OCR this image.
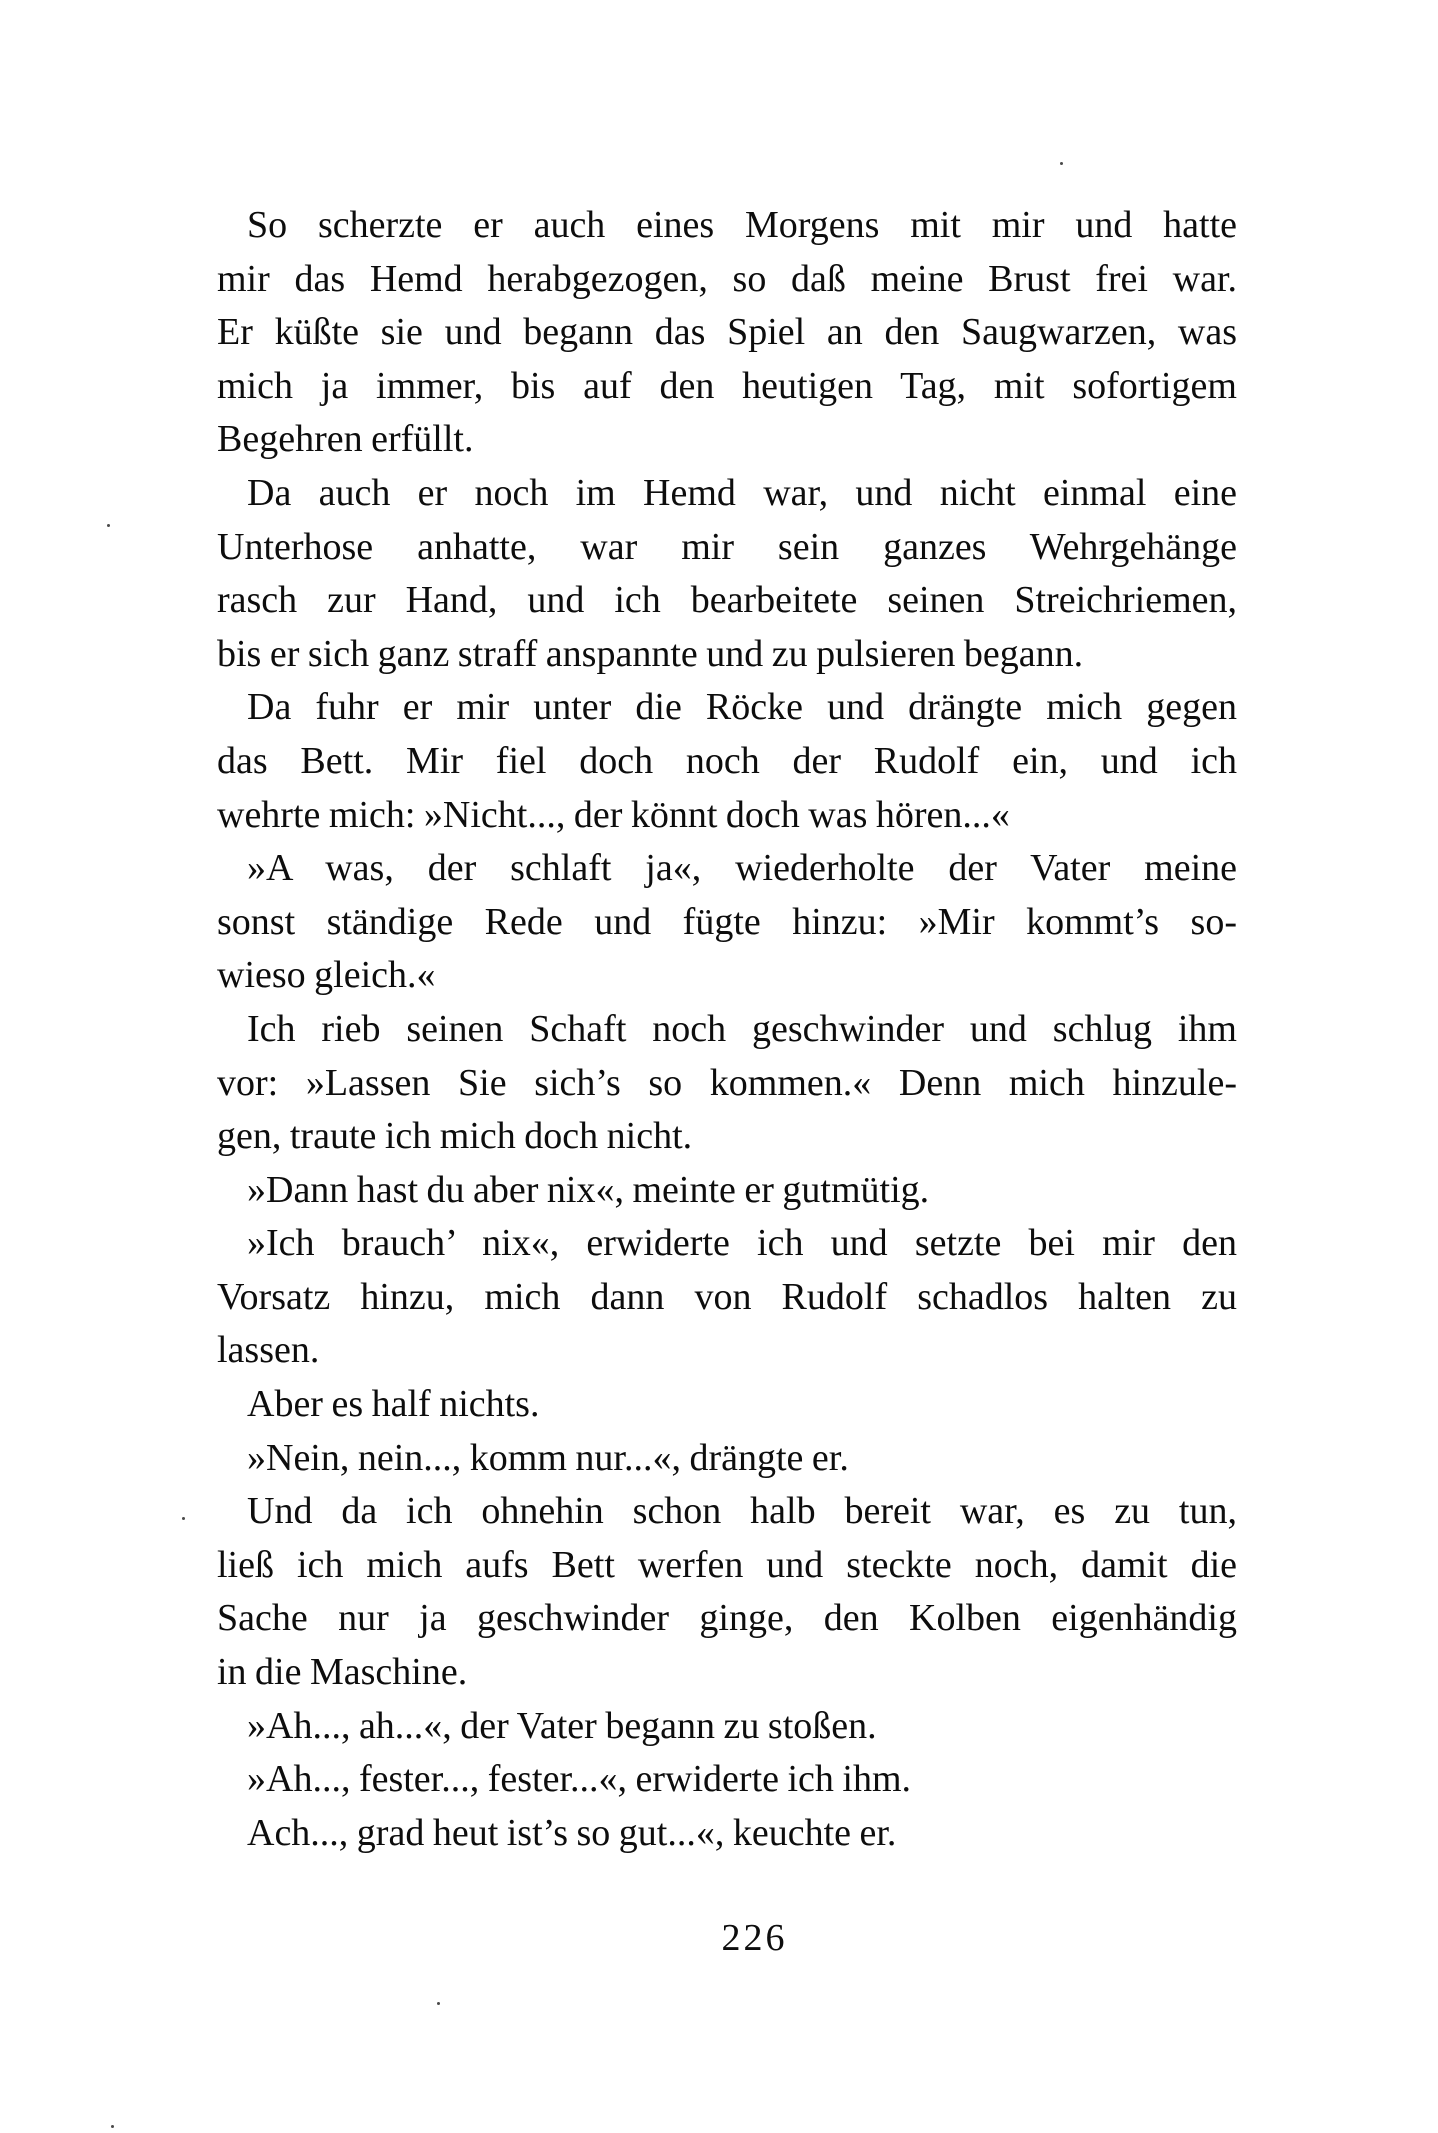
So scherzte er auch eines Morgens mit mir und hatte
mir das Hemd herabgezogen, so daß meine Brust frei war.
Er küßte sie und begann das Spiel an den Saugwarzen, was
mich ja immer, bis auf den heutigen Tag, mit sofortigem
Begehren erfüllt.
Da auch er noch im Hemd war, und nicht einmal eine
Unterhose anhatte, war mir sein ganzes Wehrgehänge
rasch zur Hand, und ich bearbeitete seinen Streichriemen,
bis er sich ganz straff anspannte und zu pulsieren begann.
Da fuhr er mir unter die Röcke und drängte mich gegen
das Bett. Mir fiel doch noch der Rudolf ein, und ich
wehrte mich: »Nicht..., der könnt doch was hören...«
»A was, der schlaft ja«, wiederholte der Vater meine
sonst ständige Rede und fügte hinzu: »Mir kommt’s so-
wieso gleich.«
Ich rieb seinen Schaft noch geschwinder und schlug ihm
vor: »Lassen Sie sich’s so kommen.« Denn mich hinzule-
gen, traute ich mich doch nicht.
»Dann hast du aber nix«, meinte er gutmütig.
»Ich brauch’ nix«, erwiderte ich und setzte bei mir den
Vorsatz hinzu, mich dann von Rudolf schadlos halten zu
lassen.
Aber es half nichts.
»Nein, nein..., komm nur...«, drängte er.
Und da ich ohnehin schon halb bereit war, es zu tun,
ließ ich mich aufs Bett werfen und steckte noch, damit die
Sache nur ja geschwinder ginge, den Kolben eigenhändig
in die Maschine.
»Ah..., ah...«, der Vater begann zu stoßen.
»Ah..., fester..., fester...«, erwiderte ich ihm.
Ach..., grad heut ist’s so gut...«, keuchte er.
226
